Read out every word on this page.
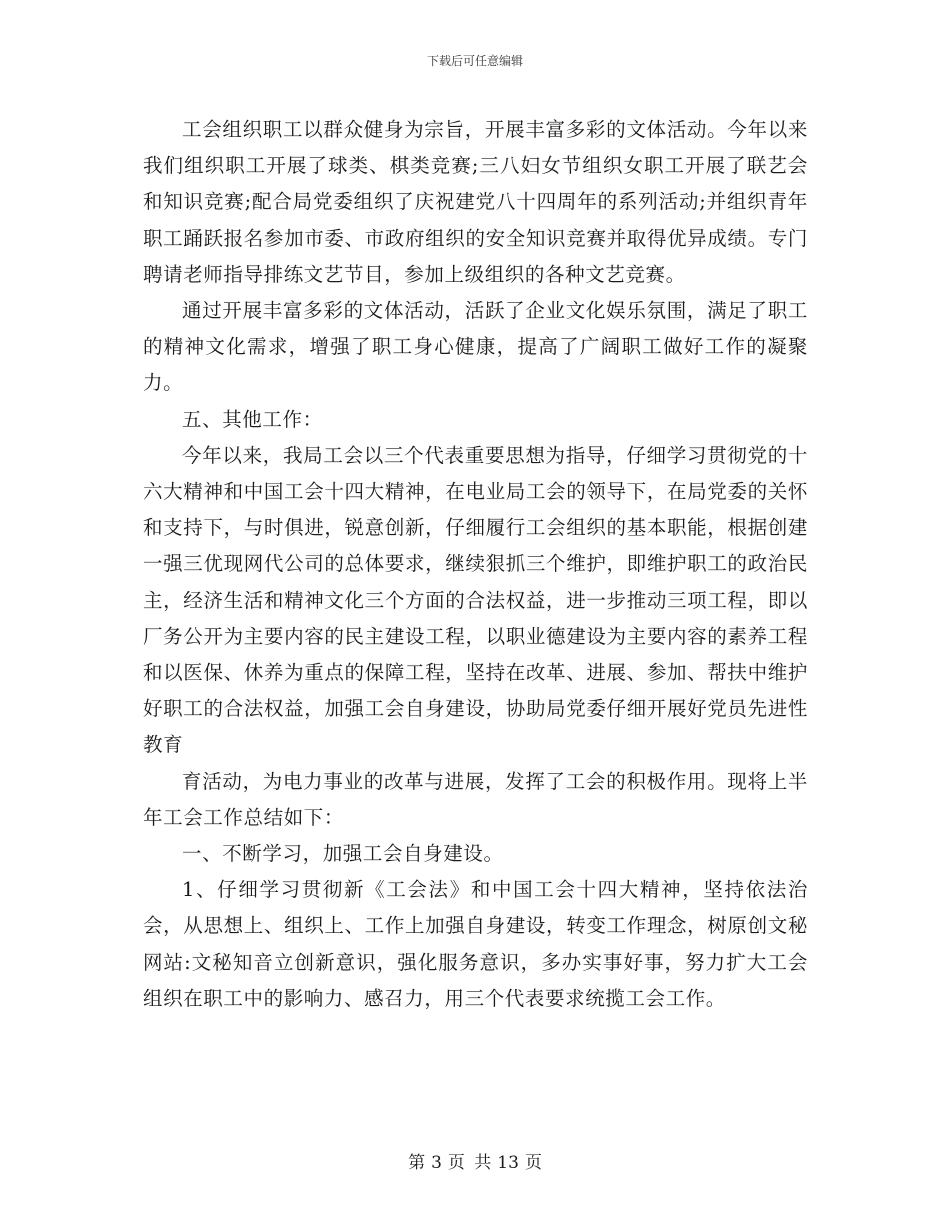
下载后可任意编辑

工会组织职工以群众健身为宗旨，开展丰富多彩的文体活动。今年以来我们组织职工开展了球类、棋类竞赛;三八妇女节组织女职工开展了联艺会和知识竞赛;配合局党委组织了庆祝建党八十四周年的系列活动;并组织青年职工踊跃报名参加市委、市政府组织的安全知识竞赛并取得优异成绩。专门聘请老师指导排练文艺节目，参加上级组织的各种文艺竞赛。

通过开展丰富多彩的文体活动，活跃了企业文化娱乐氛围，满足了职工的精神文化需求，增强了职工身心健康，提高了广阔职工做好工作的凝聚力。

五、其他工作：

今年以来，我局工会以三个代表重要思想为指导，仔细学习贯彻党的十六大精神和中国工会十四大精神，在电业局工会的领导下，在局党委的关怀和支持下，与时俱进，锐意创新，仔细履行工会组织的基本职能，根据创建一强三优现网代公司的总体要求，继续狠抓三个维护，即维护职工的政治民主，经济生活和精神文化三个方面的合法权益，进一步推动三项工程，即以厂务公开为主要内容的民主建设工程，以职业德建设为主要内容的素养工程和以医保、休养为重点的保障工程，坚持在改革、进展、参加、帮扶中维护好职工的合法权益，加强工会自身建设，协助局党委仔细开展好党员先进性教育

育活动，为电力事业的改革与进展，发挥了工会的积极作用。现将上半年工会工作总结如下：

一、不断学习，加强工会自身建设。

1、仔细学习贯彻新《工会法》和中国工会十四大精神，坚持依法治会，从思想上、组织上、工作上加强自身建设，转变工作理念，树原创文秘网站:文秘知音立创新意识，强化服务意识，多办实事好事，努力扩大工会组织在职工中的影响力、感召力，用三个代表要求统揽工会工作。

第 3 页 共 13 页
